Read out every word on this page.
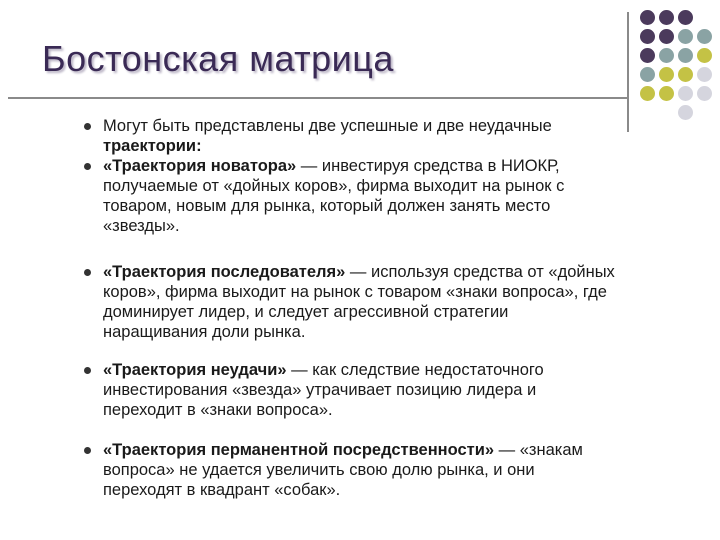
Бостонская матрица
Могут быть представлены две успешные и две неудачные
траектории:
«Траектория новатора» — инвестируя средства в НИОКР,
получаемые от «дойных коров», фирма выходит на рынок с
товаром, новым для рынка, который должен занять место
«звезды».
«Траектория последователя» — используя средства от «дойных
коров», фирма выходит на рынок с товаром «знаки вопроса», где
доминирует лидер, и следует агрессивной стратегии
наращивания доли рынка.
«Траектория неудачи» — как следствие недостаточного
инвестирования «звезда» утрачивает позицию лидера и
переходит в «знаки вопроса».
«Траектория перманентной посредственности» — «знакам
вопроса» не удается увеличить свою долю рынка, и они
переходят в квадрант «собак».
